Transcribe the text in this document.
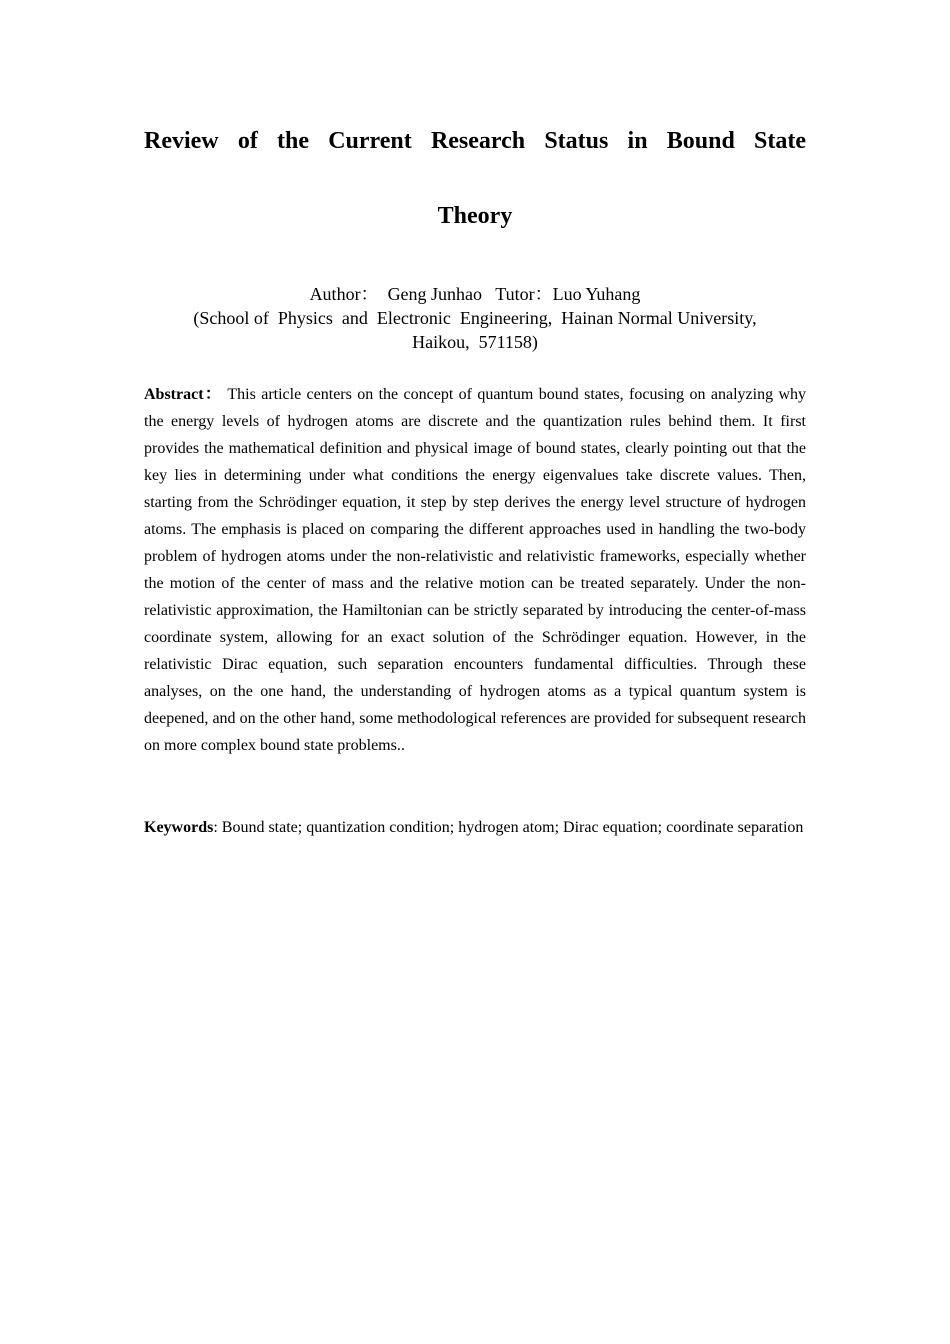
Review of the Current Research Status in Bound State
Theory
Author： Geng Junhao Tutor：Luo Yuhang
(School of  Physics  and  Electronic  Engineering,  Hainan Normal University,
Haikou,  571158)

Abstract： This article centers on the concept of quantum bound states, focusing on analyzing why the energy levels of hydrogen atoms are discrete and the quantization rules behind them. It first provides the mathematical definition and physical image of bound states, clearly pointing out that the key lies in determining under what conditions the energy eigenvalues take discrete values. Then, starting from the Schrödinger equation, it step by step derives the energy level structure of hydrogen atoms. The emphasis is placed on comparing the different approaches used in handling the two-body problem of hydrogen atoms under the non-relativistic and relativistic frameworks, especially whether the motion of the center of mass and the relative motion can be treated separately. Under the non-relativistic approximation, the Hamiltonian can be strictly separated by introducing the center-of-mass coordinate system, allowing for an exact solution of the Schrödinger equation. However, in the relativistic Dirac equation, such separation encounters fundamental difficulties. Through these analyses, on the one hand, the understanding of hydrogen atoms as a typical quantum system is deepened, and on the other hand, some methodological references are provided for subsequent research on more complex bound state problems..

Keywords: Bound state; quantization condition; hydrogen atom; Dirac equation; coordinate separation
